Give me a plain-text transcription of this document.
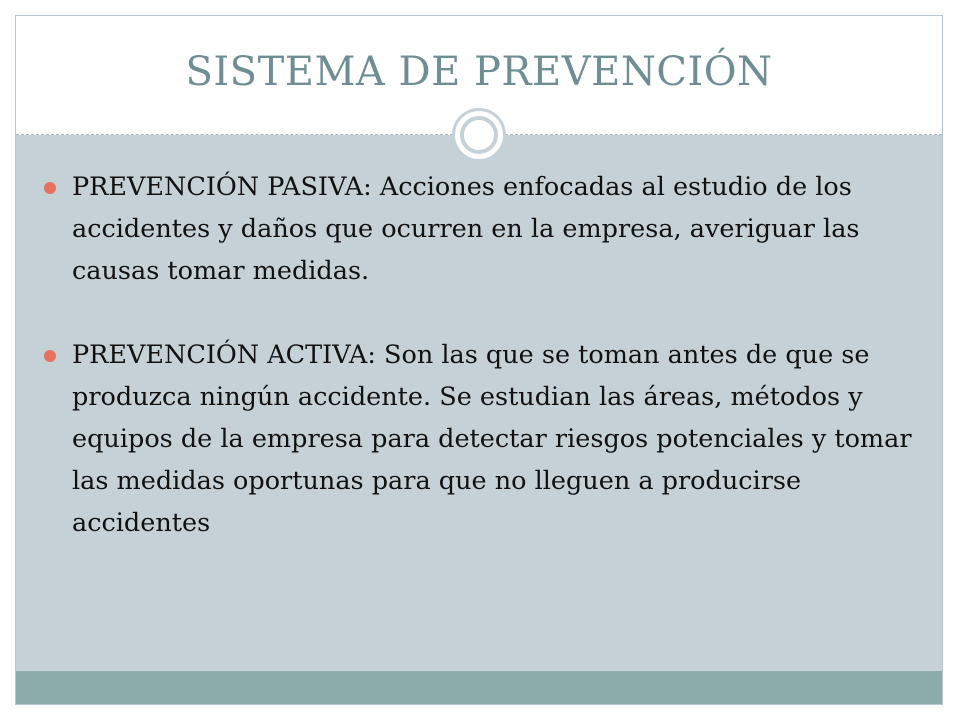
SISTEMA DE PREVENCIÓN
PREVENCIÓN PASIVA: Acciones enfocadas al estudio de los accidentes y daños que ocurren en la empresa, averiguar las causas tomar medidas.
PREVENCIÓN ACTIVA: Son las que se toman antes de que se produzca ningún accidente. Se estudian las áreas, métodos y equipos de la empresa para detectar riesgos potenciales y tomar las medidas oportunas para que no lleguen a producirse accidentes
